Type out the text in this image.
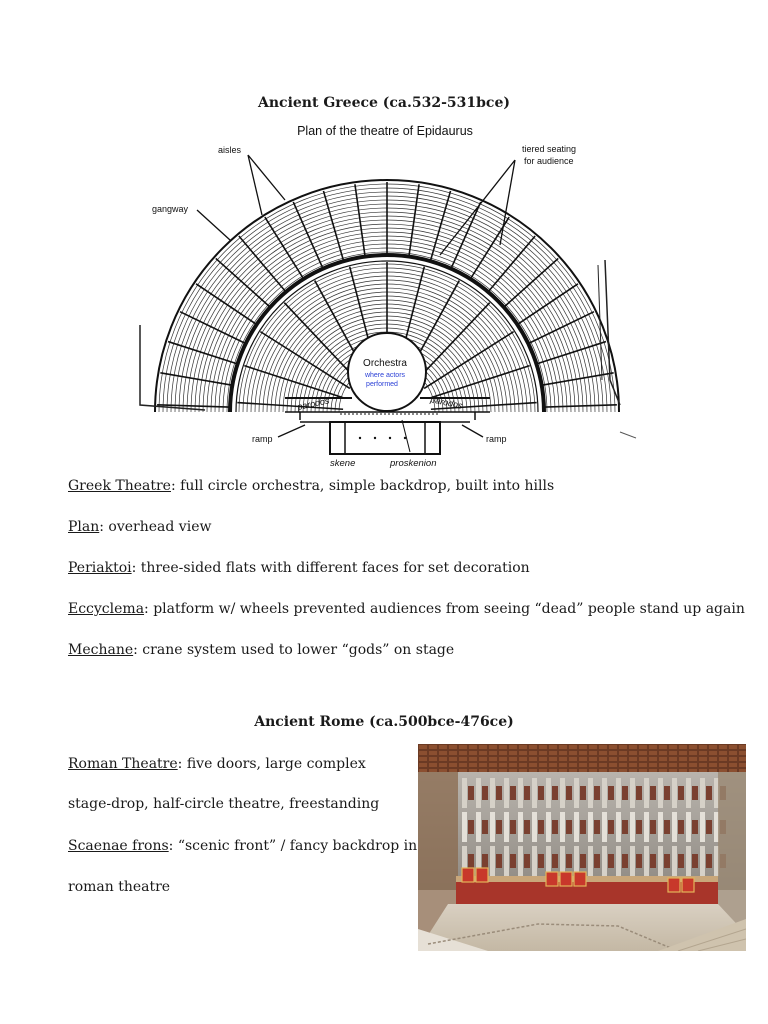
Ancient Greece (ca.532-531bce)
Plan of the theatre of Epidaurus
aisles	tiered seating
for audience
gangway
Orchestra
where actors
performed
parodos	parodos
ramp	ramp
skene	proskenion
Greek Theatre: full circle orchestra, simple backdrop, built into hills
Plan: overhead view
Periaktoi: three-sided flats with different faces for set decoration
Eccyclema: platform w/ wheels prevented audiences from seeing “dead” people stand up again
Mechane: crane system used to lower “gods” on stage
Ancient Rome (ca.500bce-476ce)
Roman Theatre: five doors, large complex
stage-drop, half-circle theatre, freestanding
Scaenae frons: “scenic front” / fancy backdrop in
roman theatre
